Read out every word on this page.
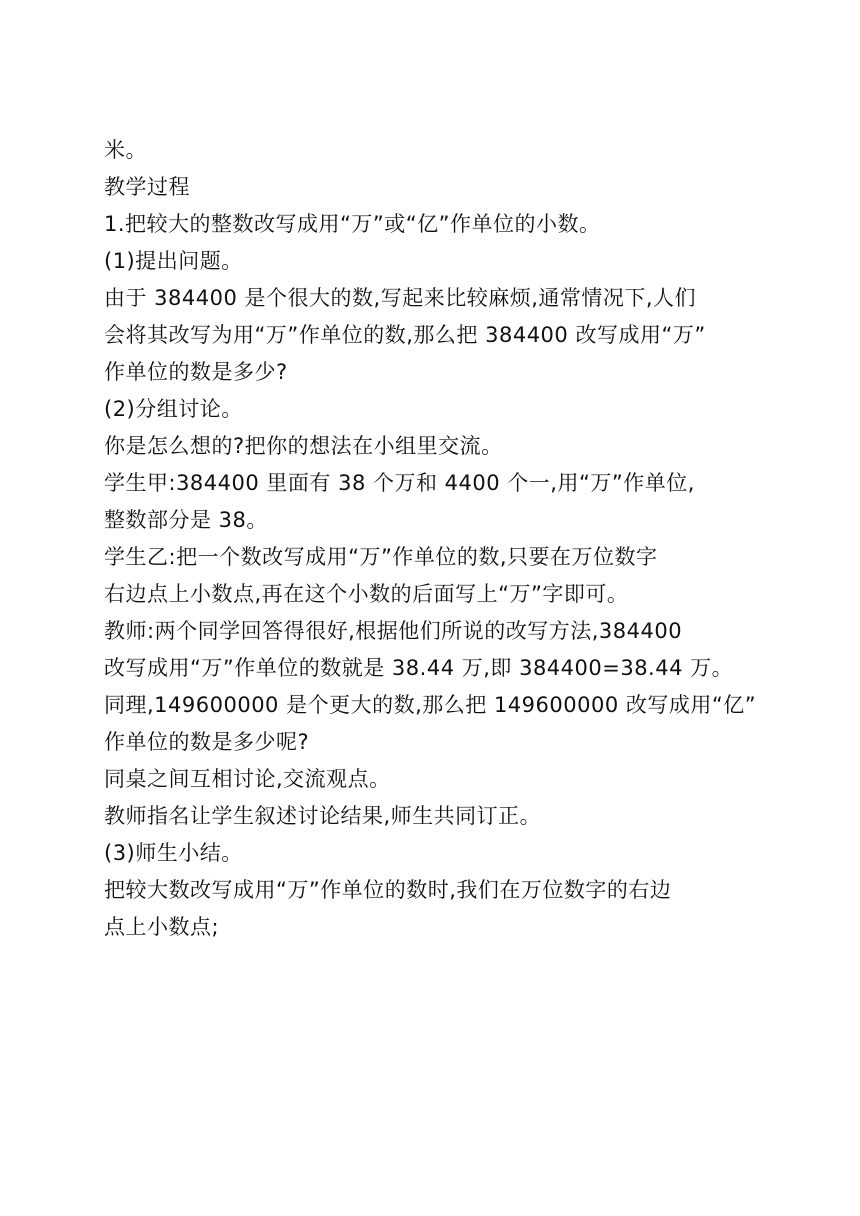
米。
教学过程
1.把较大的整数改写成用“万”或“亿”作单位的小数。
(1)提出问题。
由于 384400 是个很大的数,写起来比较麻烦,通常情况下,人们
会将其改写为用“万”作单位的数,那么把 384400 改写成用“万”
作单位的数是多少?
(2)分组讨论。
你是怎么想的?把你的想法在小组里交流。
学生甲:384400 里面有 38 个万和 4400 个一,用“万”作单位,
整数部分是 38。
学生乙:把一个数改写成用“万”作单位的数,只要在万位数字
右边点上小数点,再在这个小数的后面写上“万”字即可。
教师:两个同学回答得很好,根据他们所说的改写方法,384400
改写成用“万”作单位的数就是 38.44 万,即 384400=38.44 万。
同理,149600000 是个更大的数,那么把 149600000 改写成用“亿”
作单位的数是多少呢?
同桌之间互相讨论,交流观点。
教师指名让学生叙述讨论结果,师生共同订正。
(3)师生小结。
把较大数改写成用“万”作单位的数时,我们在万位数字的右边
点上小数点;
